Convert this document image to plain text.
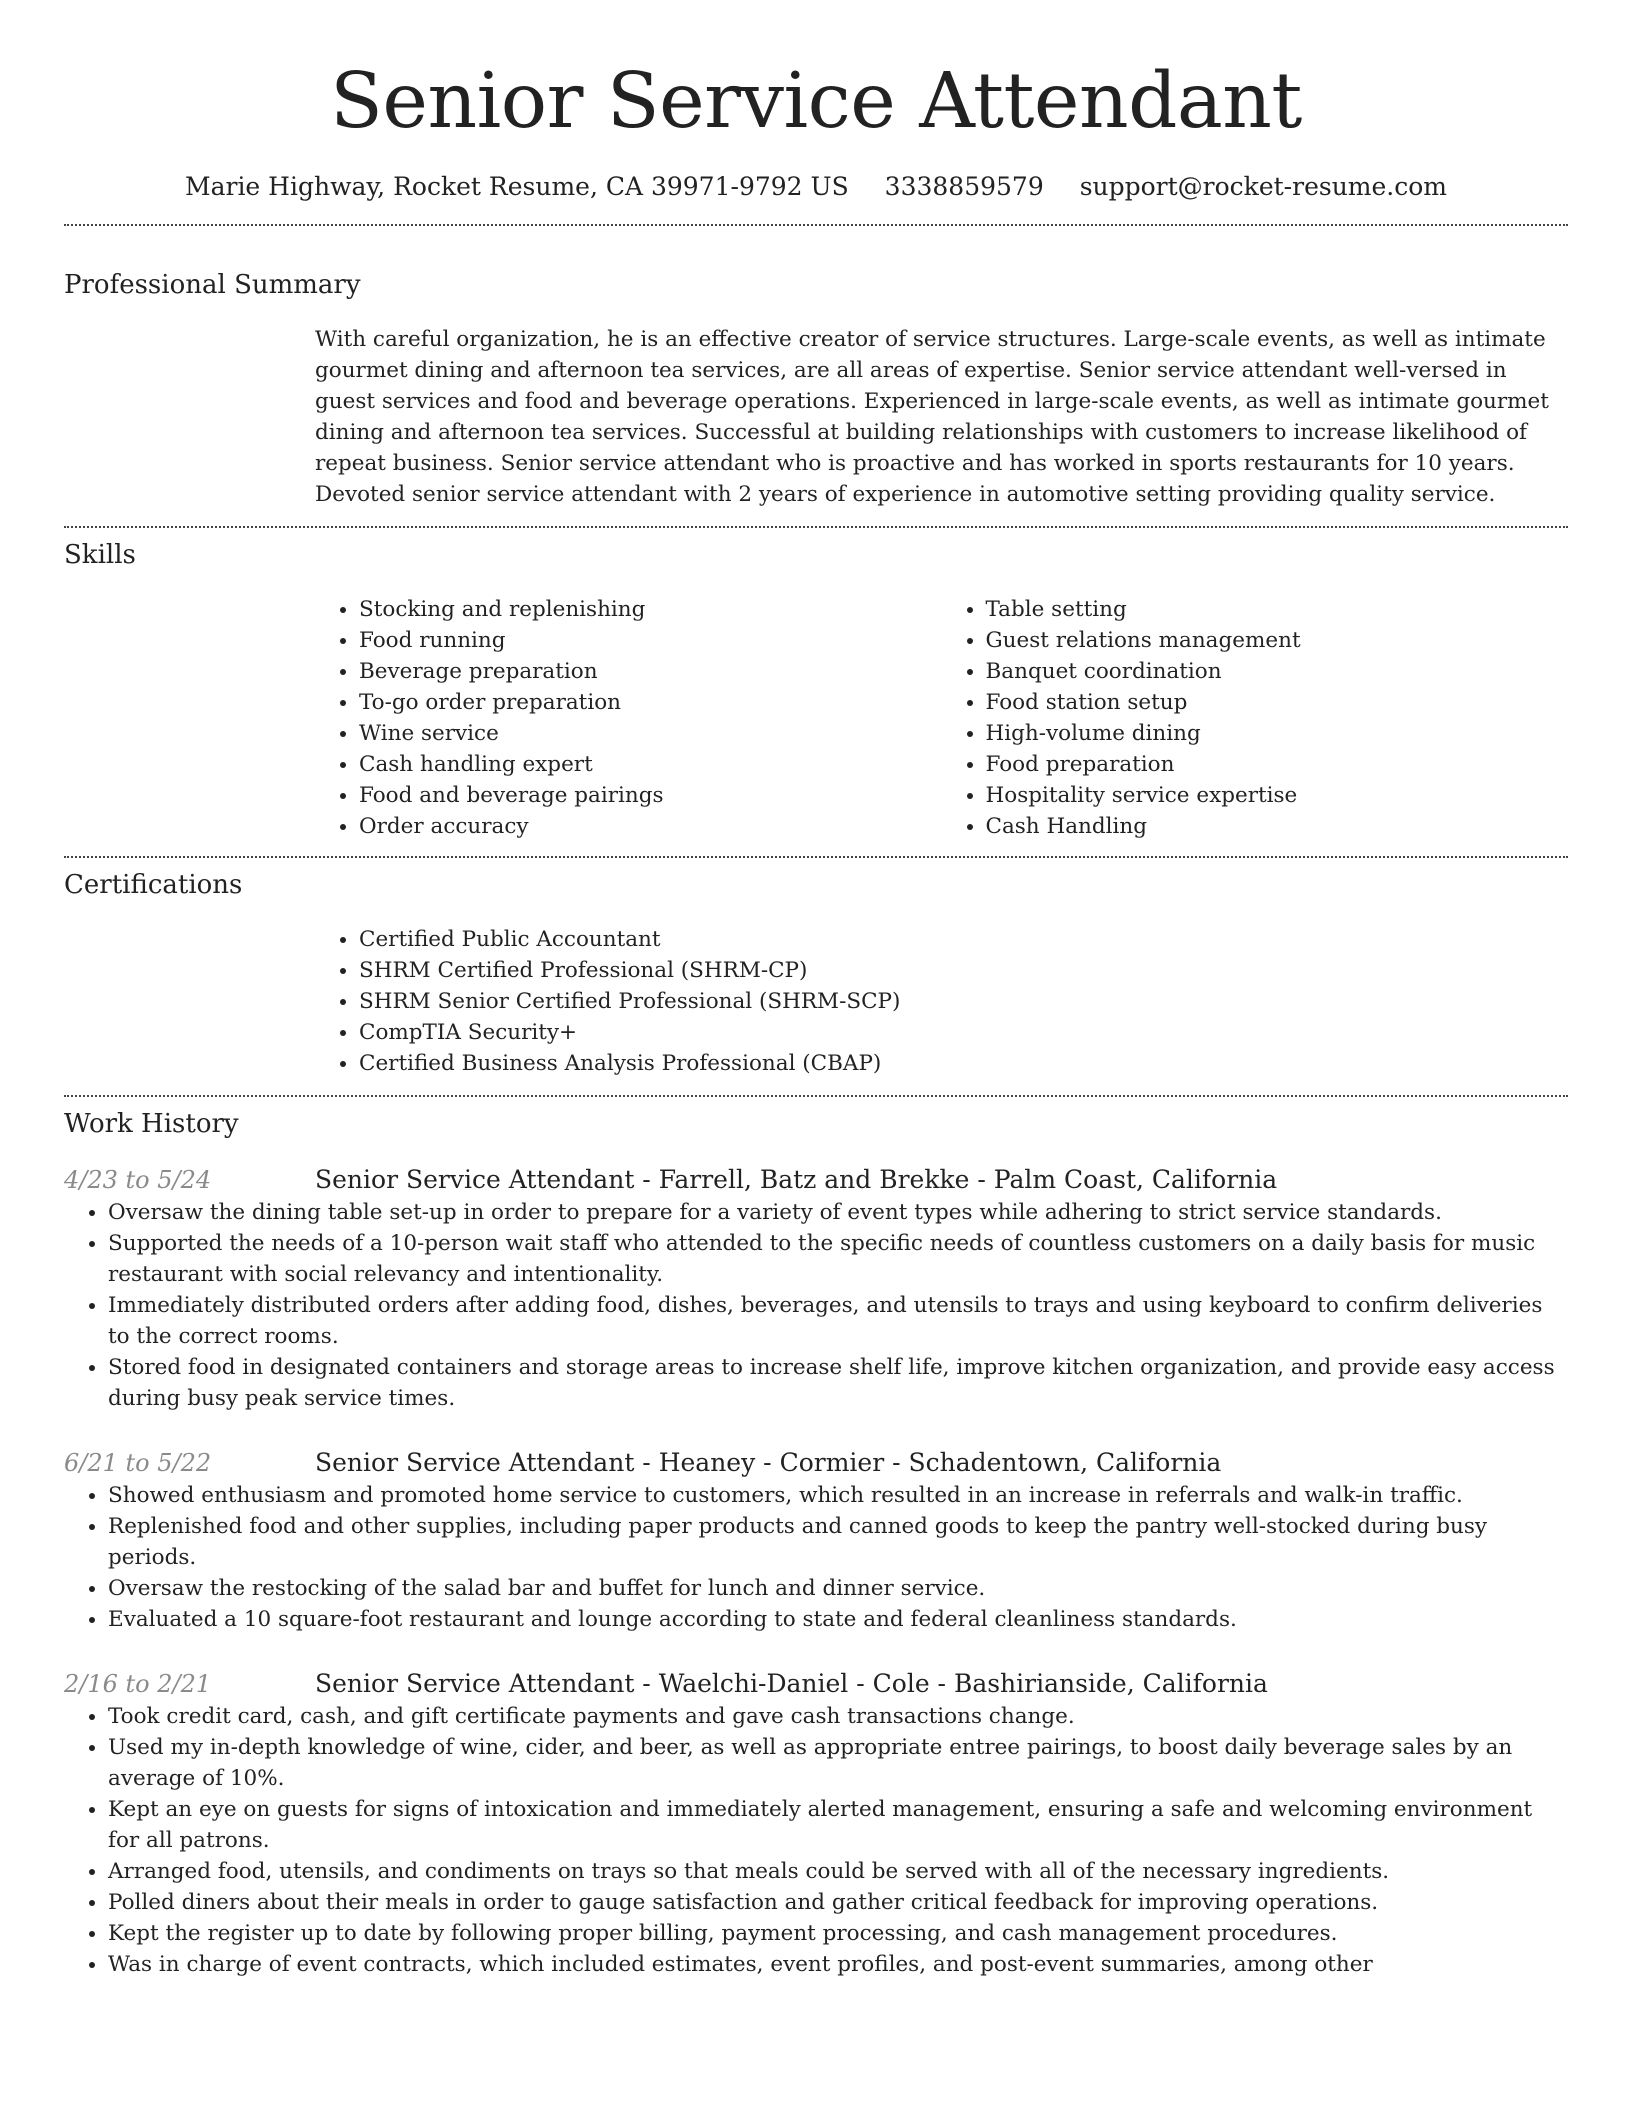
Senior Service Attendant
Marie Highway, Rocket Resume, CA 39971-9792 US 3338859579 support@rocket-resume.com
Professional Summary
With careful organization, he is an effective creator of service structures. Large-scale events, as well as intimate gourmet dining and afternoon tea services, are all areas of expertise. Senior service attendant well-versed in guest services and food and beverage operations. Experienced in large-scale events, as well as intimate gourmet dining and afternoon tea services. Successful at building relationships with customers to increase likelihood of repeat business. Senior service attendant who is proactive and has worked in sports restaurants for 10 years. Devoted senior service attendant with 2 years of experience in automotive setting providing quality service.
Skills
• Stocking and replenishing
• Food running
• Beverage preparation
• To-go order preparation
• Wine service
• Cash handling expert
• Food and beverage pairings
• Order accuracy
• Table setting
• Guest relations management
• Banquet coordination
• Food station setup
• High-volume dining
• Food preparation
• Hospitality service expertise
• Cash Handling
Certifications
• Certified Public Accountant
• SHRM Certified Professional (SHRM-CP)
• SHRM Senior Certified Professional (SHRM-SCP)
• CompTIA Security+
• Certified Business Analysis Professional (CBAP)
Work History
4/23 to 5/24	Senior Service Attendant - Farrell, Batz and Brekke - Palm Coast, California
• Oversaw the dining table set-up in order to prepare for a variety of event types while adhering to strict service standards.
• Supported the needs of a 10-person wait staff who attended to the specific needs of countless customers on a daily basis for music restaurant with social relevancy and intentionality.
• Immediately distributed orders after adding food, dishes, beverages, and utensils to trays and using keyboard to confirm deliveries to the correct rooms.
• Stored food in designated containers and storage areas to increase shelf life, improve kitchen organization, and provide easy access during busy peak service times.
6/21 to 5/22	Senior Service Attendant - Heaney - Cormier - Schadentown, California
• Showed enthusiasm and promoted home service to customers, which resulted in an increase in referrals and walk-in traffic.
• Replenished food and other supplies, including paper products and canned goods to keep the pantry well-stocked during busy periods.
• Oversaw the restocking of the salad bar and buffet for lunch and dinner service.
• Evaluated a 10 square-foot restaurant and lounge according to state and federal cleanliness standards.
2/16 to 2/21	Senior Service Attendant - Waelchi-Daniel - Cole - Bashirianside, California
• Took credit card, cash, and gift certificate payments and gave cash transactions change.
• Used my in-depth knowledge of wine, cider, and beer, as well as appropriate entree pairings, to boost daily beverage sales by an average of 10%.
• Kept an eye on guests for signs of intoxication and immediately alerted management, ensuring a safe and welcoming environment for all patrons.
• Arranged food, utensils, and condiments on trays so that meals could be served with all of the necessary ingredients.
• Polled diners about their meals in order to gauge satisfaction and gather critical feedback for improving operations.
• Kept the register up to date by following proper billing, payment processing, and cash management procedures.
• Was in charge of event contracts, which included estimates, event profiles, and post-event summaries, among other
